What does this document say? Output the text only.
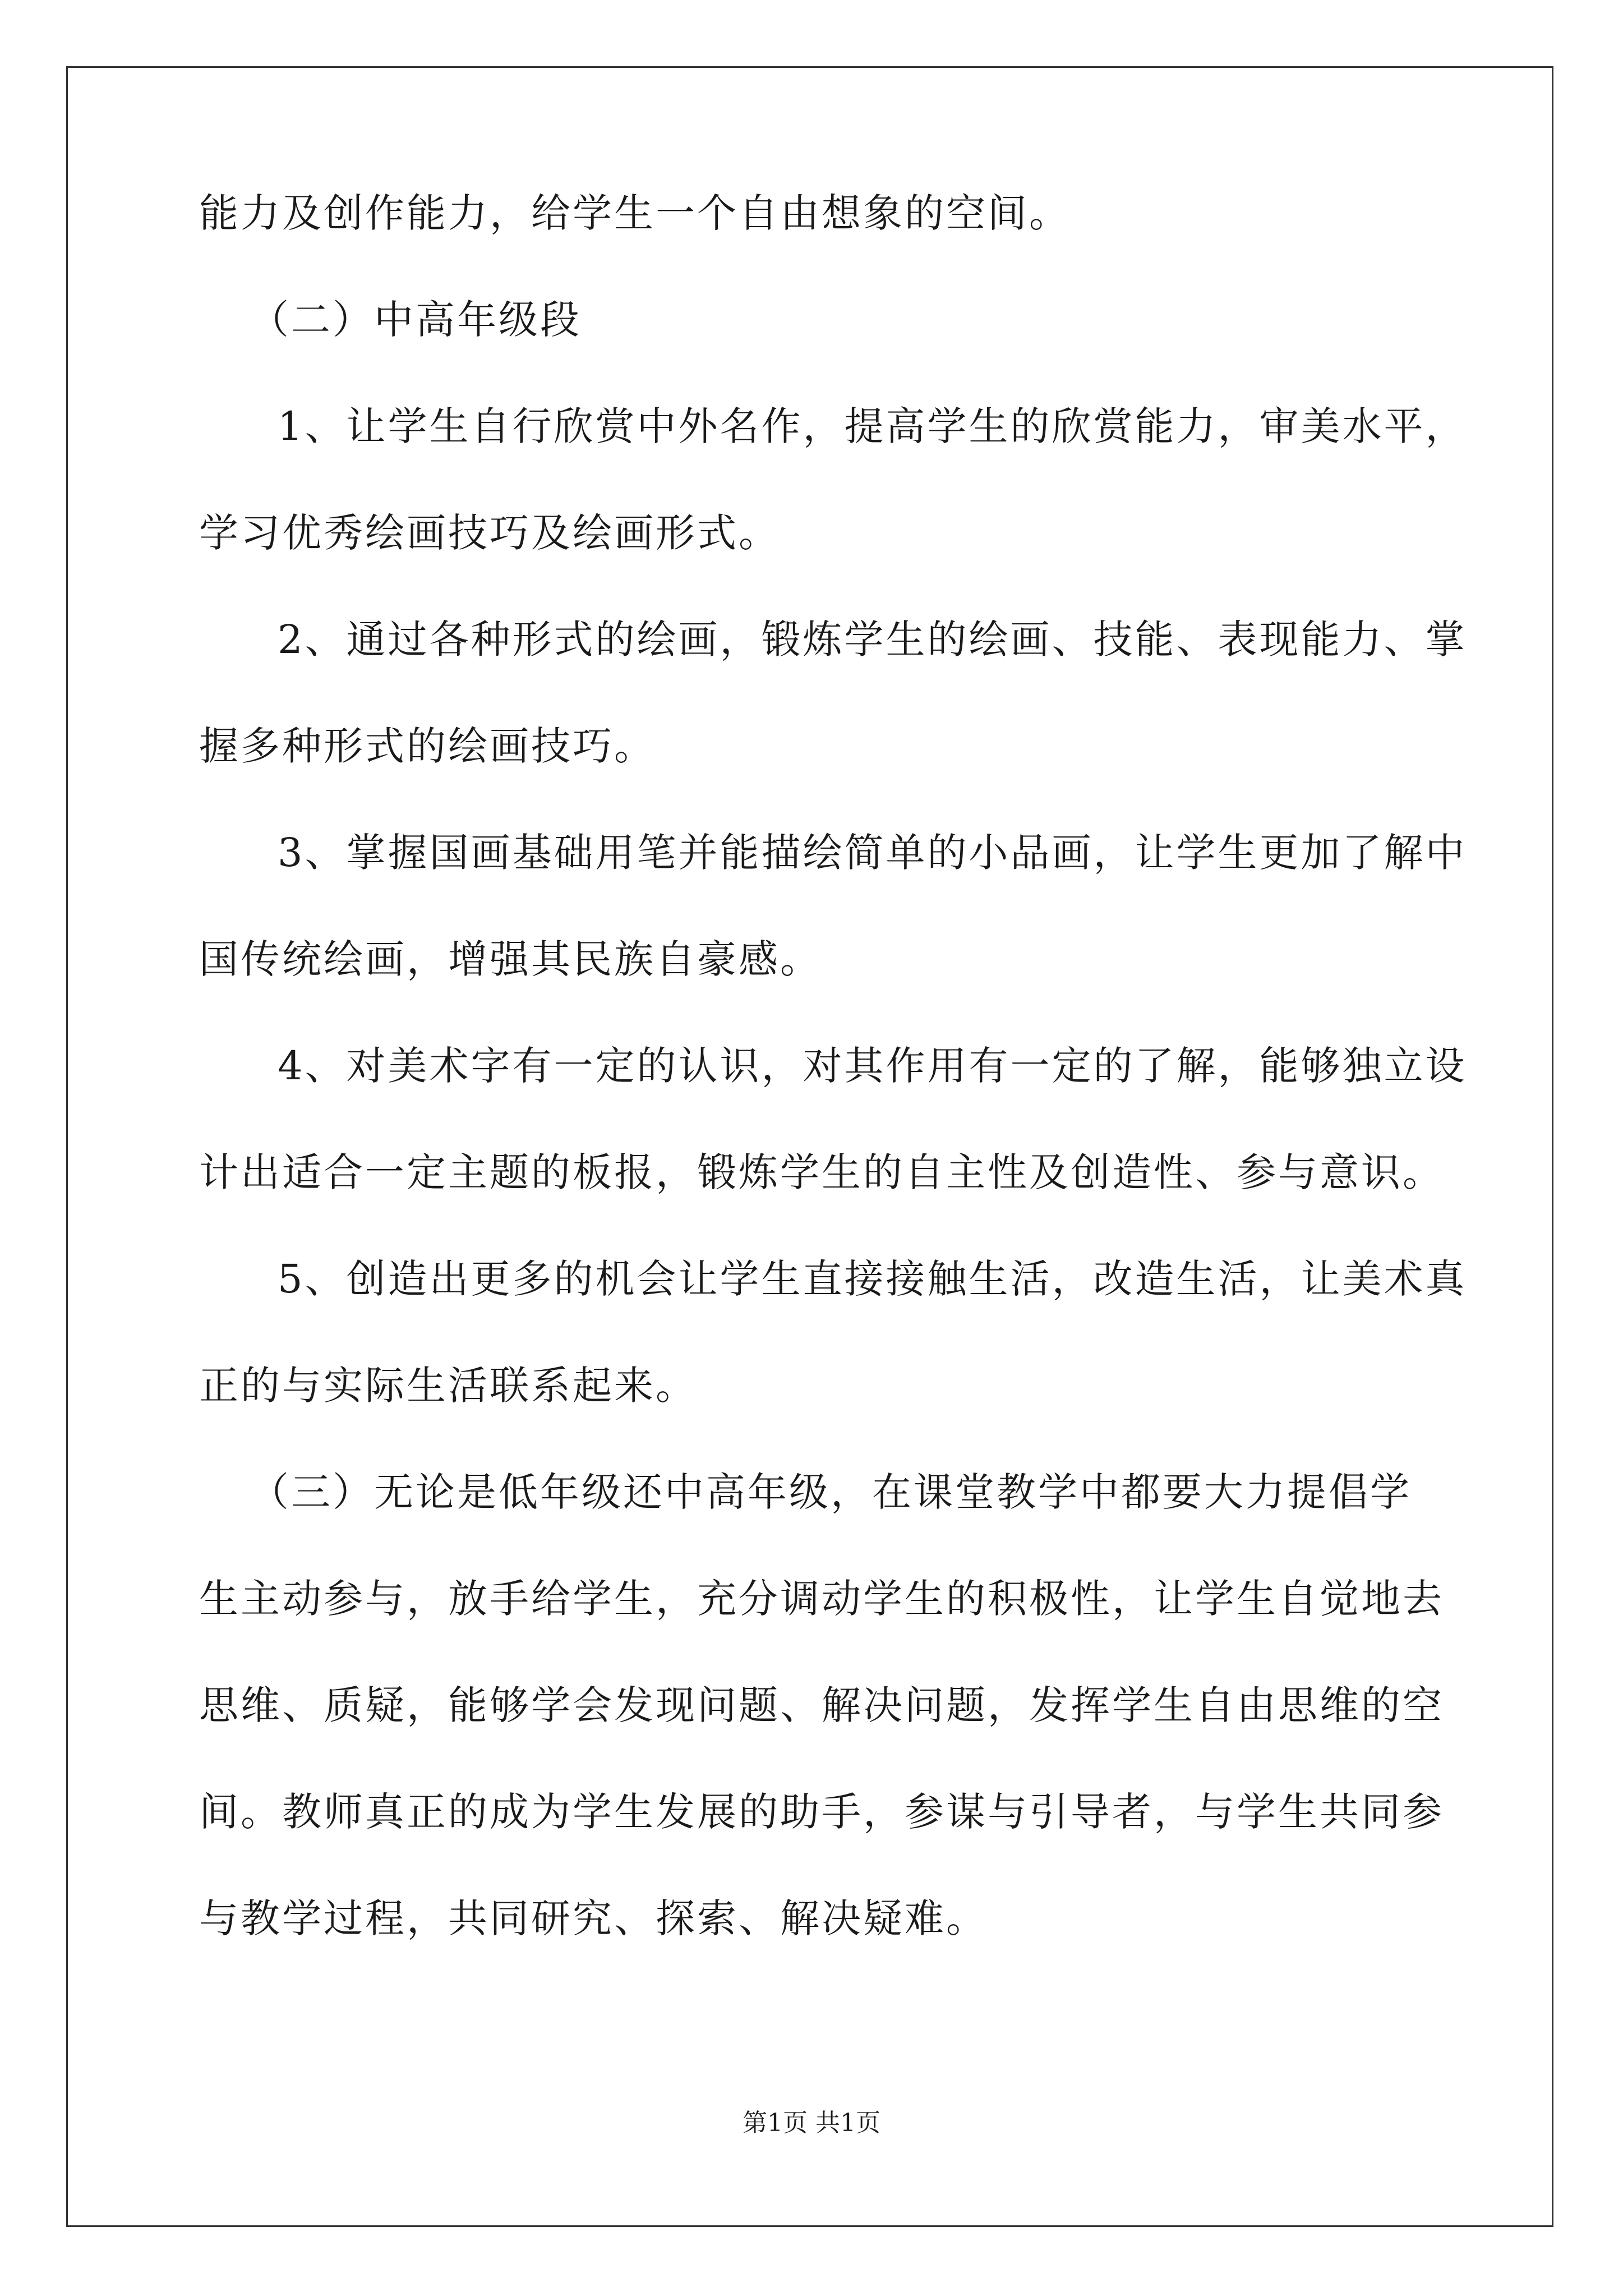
能力及创作能力，给学生一个自由想象的空间。
（二）中高年级段
1、让学生自行欣赏中外名作，提高学生的欣赏能力，审美水平，
学习优秀绘画技巧及绘画形式。
2、通过各种形式的绘画，锻炼学生的绘画、技能、表现能力、掌
握多种形式的绘画技巧。
3、掌握国画基础用笔并能描绘简单的小品画，让学生更加了解中
国传统绘画，增强其民族自豪感。
4、对美术字有一定的认识，对其作用有一定的了解，能够独立设
计出适合一定主题的板报，锻炼学生的自主性及创造性、参与意识。
5、创造出更多的机会让学生直接接触生活，改造生活，让美术真
正的与实际生活联系起来。
（三）无论是低年级还中高年级，在课堂教学中都要大力提倡学
生主动参与，放手给学生，充分调动学生的积极性，让学生自觉地去
思维、质疑，能够学会发现问题、解决问题，发挥学生自由思维的空
间。教师真正的成为学生发展的助手，参谋与引导者，与学生共同参
与教学过程，共同研究、探索、解决疑难。
第1页 共1页
